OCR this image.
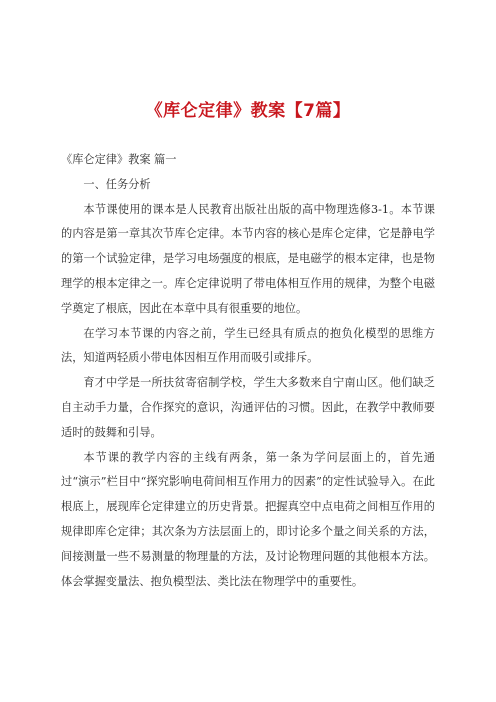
《库仑定律》教案【7篇】

《库仑定律》教案 篇一

一、任务分析

本节课使用的课本是人民教育出版社出版的高中物理选修3-1。本节课的内容是第一章其次节库仑定律。本节内容的核心是库仑定律，它是静电学的第一个试验定律，是学习电场强度的根底，是电磁学的根本定律，也是物理学的根本定律之一。库仑定律说明了带电体相互作用的规律，为整个电磁学奠定了根底，因此在本章中具有很重要的地位。

在学习本节课的内容之前，学生已经具有质点的抱负化模型的思维方法，知道两轻质小带电体因相互作用而吸引或排斥。

育才中学是一所扶贫寄宿制学校，学生大多数来自宁南山区。他们缺乏自主动手力量，合作探究的意识，沟通评估的习惯。因此，在教学中教师要适时的鼓舞和引导。

本节课的教学内容的主线有两条，第一条为学问层面上的，首先通过“演示”栏目中“探究影响电荷间相互作用力的因素”的定性试验导入。在此根底上，展现库仑定律建立的历史背景。把握真空中点电荷之间相互作用的规律即库仑定律；其次条为方法层面上的，即讨论多个量之间关系的方法，间接测量一些不易测量的物理量的方法，及讨论物理问题的其他根本方法。体会掌握变量法、抱负模型法、类比法在物理学中的重要性。
